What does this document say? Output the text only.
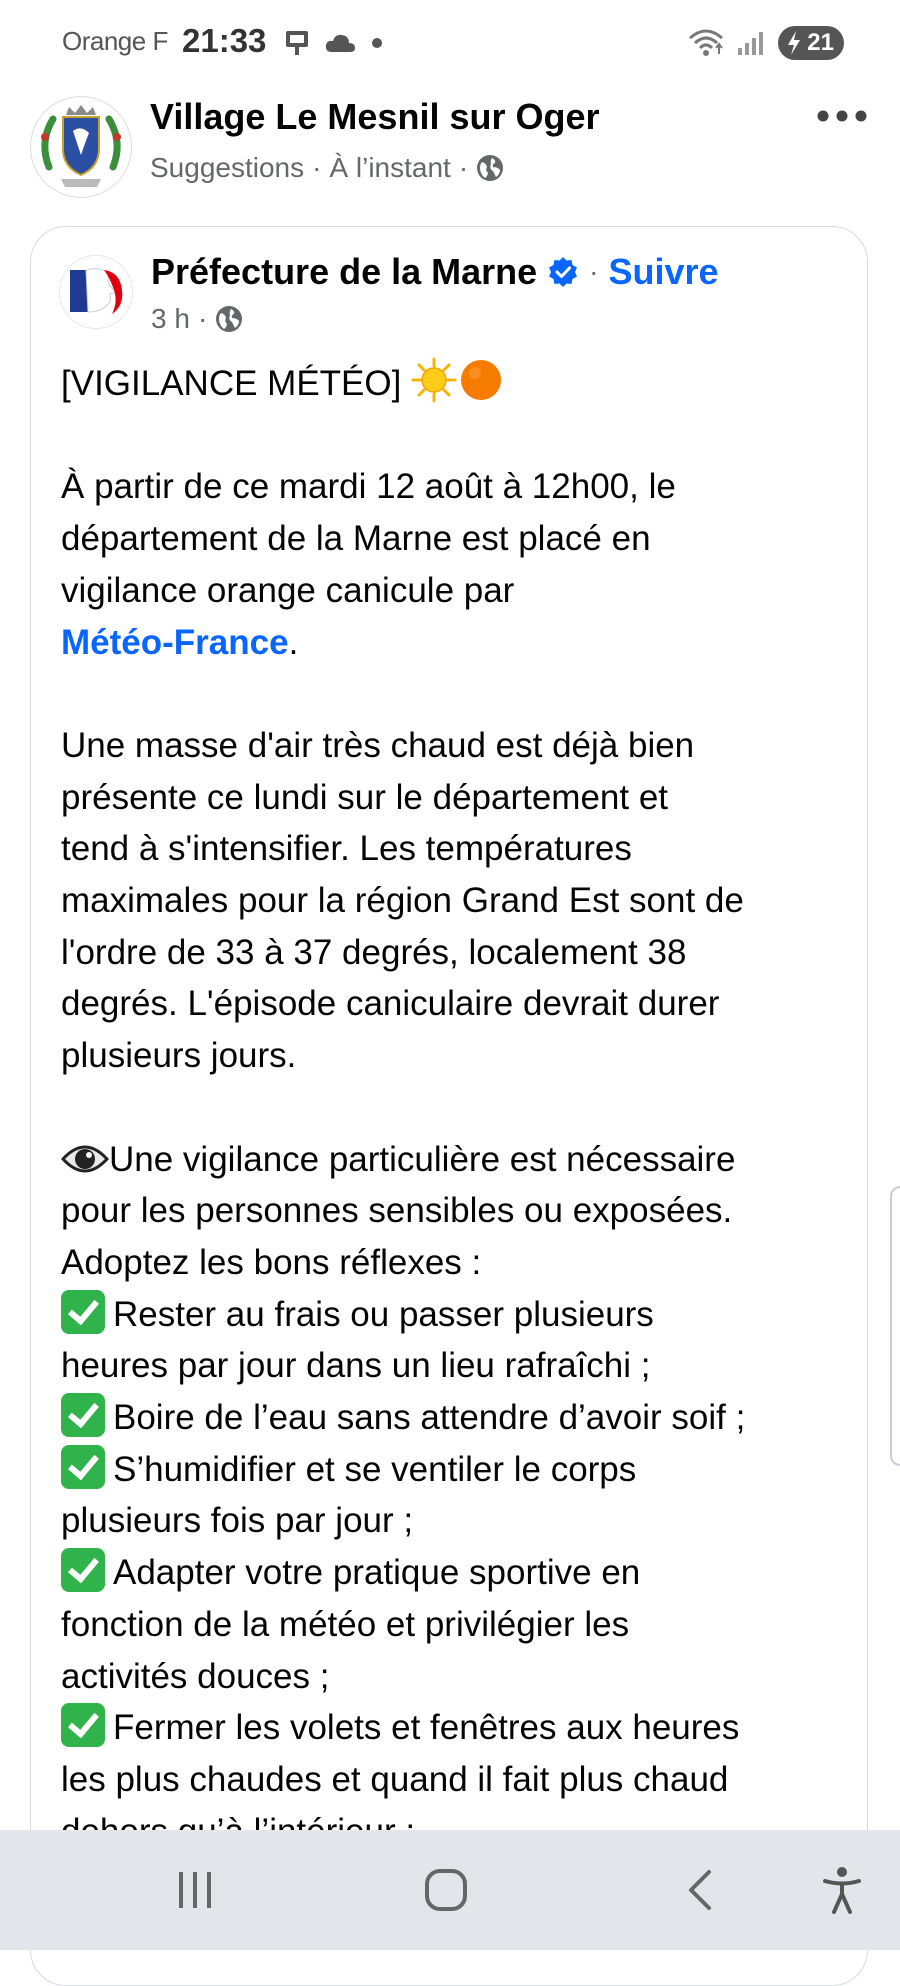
Orange F 21:33	21
Village Le Mesnil sur Oger
Suggestions · À l’instant ·
Préfecture de la Marne · Suivre
3 h ·

[VIGILANCE MÉTÉO]

À partir de ce mardi 12 août à 12h00, le

département de la Marne est placé en

vigilance orange canicule par

Météo-France.

Une masse d'air très chaud est déjà bien

présente ce lundi sur le département et

tend à s'intensifier. Les températures

maximales pour la région Grand Est sont de

l'ordre de 33 à 37 degrés, localement 38

degrés. L'épisode caniculaire devrait durer

plusieurs jours.

Une vigilance particulière est nécessaire

pour les personnes sensibles ou exposées.

Adoptez les bons réflexes :

Rester au frais ou passer plusieurs

heures par jour dans un lieu rafraîchi ;

Boire de l’eau sans attendre d’avoir soif ;

S’humidifier et se ventiler le corps

plusieurs fois par jour ;

Adapter votre pratique sportive en

fonction de la météo et privilégier les

activités douces ;

Fermer les volets et fenêtres aux heures

les plus chaudes et quand il fait plus chaud
